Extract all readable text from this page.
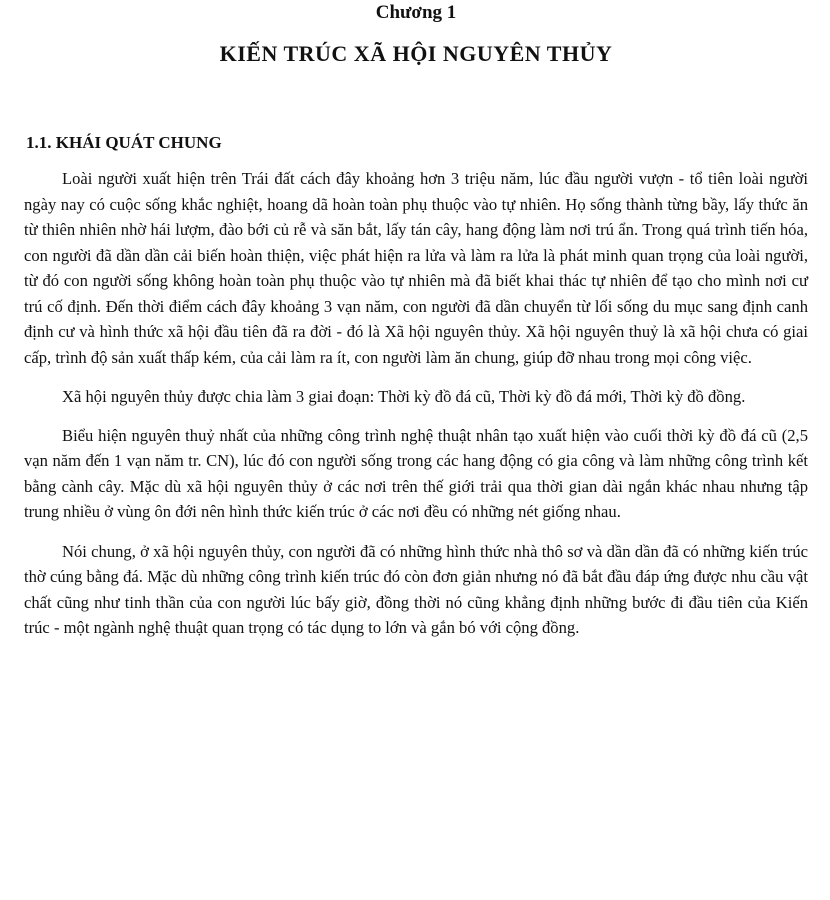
Chương 1
KIẾN TRÚC XÃ HỘI NGUYÊN THỦY
1.1. KHÁI QUÁT CHUNG

Loài người xuất hiện trên Trái đất cách đây khoảng hơn 3 triệu năm, lúc đầu người vượn - tổ tiên loài người ngày nay có cuộc sống khắc nghiệt, hoang dã hoàn toàn phụ thuộc vào tự nhiên. Họ sống thành từng bầy, lấy thức ăn từ thiên nhiên nhờ hái lượm, đào bới củ rễ và săn bắt, lấy tán cây, hang động làm nơi trú ẩn. Trong quá trình tiến hóa, con người đã dần dần cải biến hoàn thiện, việc phát hiện ra lửa và làm ra lửa là phát minh quan trọng của loài người, từ đó con người sống không hoàn toàn phụ thuộc vào tự nhiên mà đã biết khai thác tự nhiên để tạo cho mình nơi cư trú cố định. Đến thời điểm cách đây khoảng 3 vạn năm, con người đã dần chuyển từ lối sống du mục sang định canh định cư và hình thức xã hội đầu tiên đã ra đời - đó là Xã hội nguyên thủy. Xã hội nguyên thuỷ là xã hội chưa có giai cấp, trình độ sản xuất thấp kém, của cải làm ra ít, con người làm ăn chung, giúp đỡ nhau trong mọi công việc.

Xã hội nguyên thủy được chia làm 3 giai đoạn: Thời kỳ đồ đá cũ, Thời kỳ đồ đá mới, Thời kỳ đồ đồng.

Biểu hiện nguyên thuỷ nhất của những công trình nghệ thuật nhân tạo xuất hiện vào cuối thời kỳ đồ đá cũ (2,5 vạn năm đến 1 vạn năm tr. CN), lúc đó con người sống trong các hang động có gia công và làm những công trình kết bằng cành cây. Mặc dù xã hội nguyên thủy ở các nơi trên thế giới trải qua thời gian dài ngắn khác nhau nhưng tập trung nhiều ở vùng ôn đới nên hình thức kiến trúc ở các nơi đều có những nét giống nhau.

Nói chung, ở xã hội nguyên thủy, con người đã có những hình thức nhà thô sơ và dần dần đã có những kiến trúc thờ cúng bằng đá. Mặc dù những công trình kiến trúc đó còn đơn giản nhưng nó đã bắt đầu đáp ứng được nhu cầu vật chất cũng như tinh thần của con người lúc bấy giờ, đồng thời nó cũng khẳng định những bước đi đầu tiên của Kiến trúc - một ngành nghệ thuật quan trọng có tác dụng to lớn và gắn bó với cộng đồng.
